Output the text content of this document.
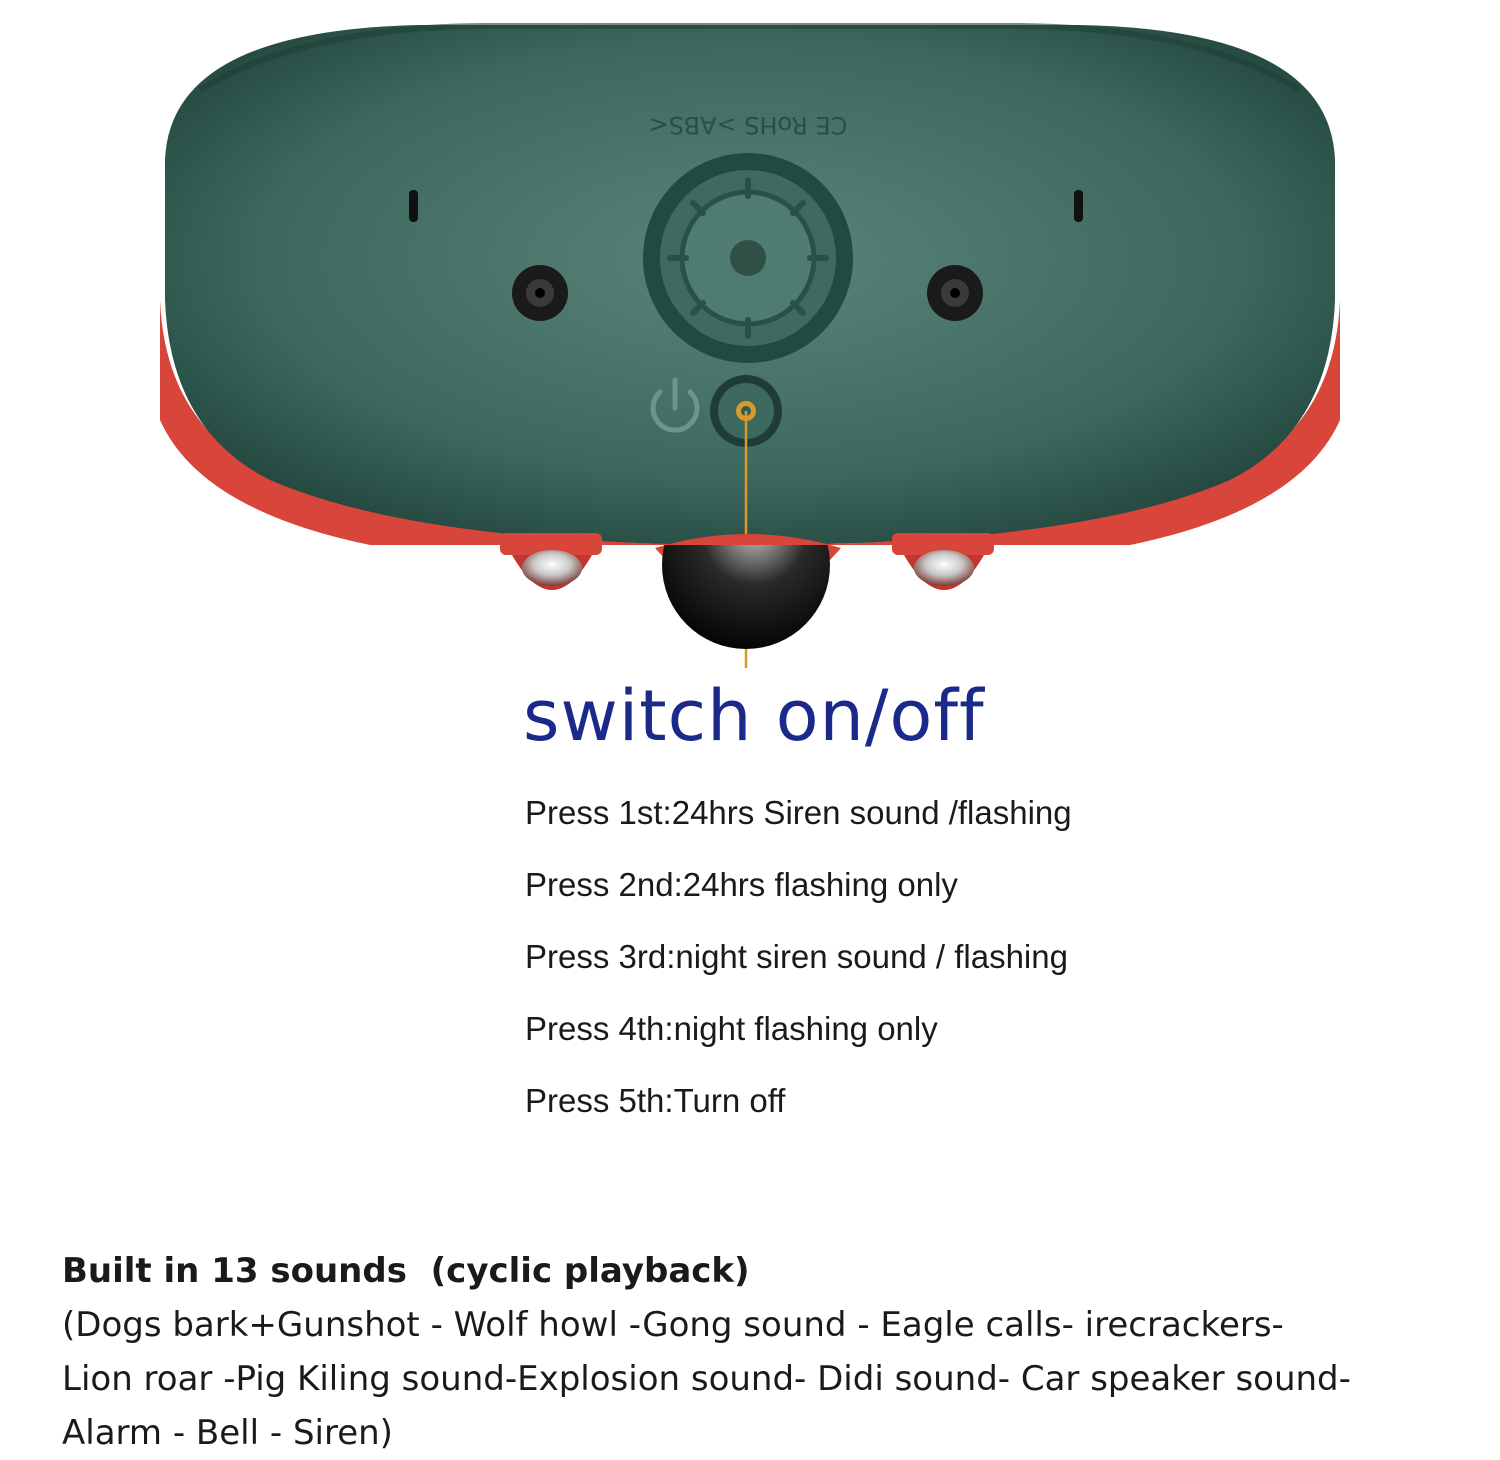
CE RoHS >ABS<
switch on/off
Press 1st:24hrs Siren sound /flashing
Press 2nd:24hrs flashing only
Press 3rd:night siren sound / flashing
Press 4th:night flashing only
Press 5th:Turn off
Built in 13 sounds  (cyclic playback)
(Dogs bark+Gunshot - Wolf howl -Gong sound - Eagle calls- irecrackers-
Lion roar -Pig Kiling sound-Explosion sound- Didi sound- Car speaker sound-
Alarm - Bell - Siren)
